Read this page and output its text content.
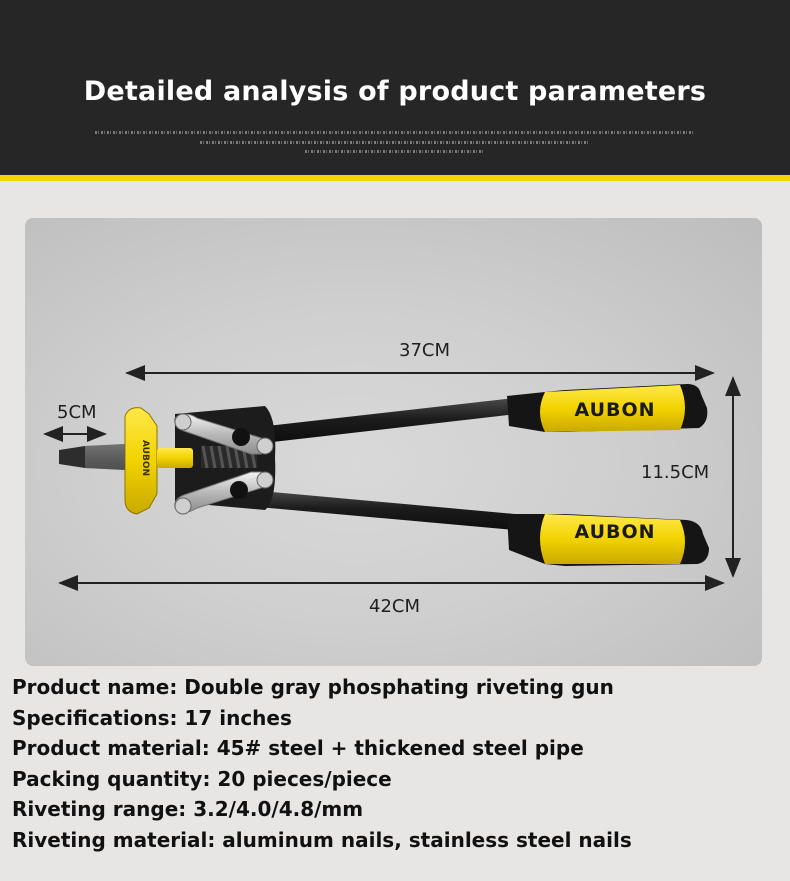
Detailed analysis of product parameters
AUBON
AUBON
AUBON
37CM
5CM
11.5CM
42CM
Product name: Double gray phosphating riveting gun
Specifications: 17 inches
Product material: 45# steel + thickened steel pipe
Packing quantity: 20 pieces/piece
Riveting range: 3.2/4.0/4.8/mm
Riveting material: aluminum nails, stainless steel nails
